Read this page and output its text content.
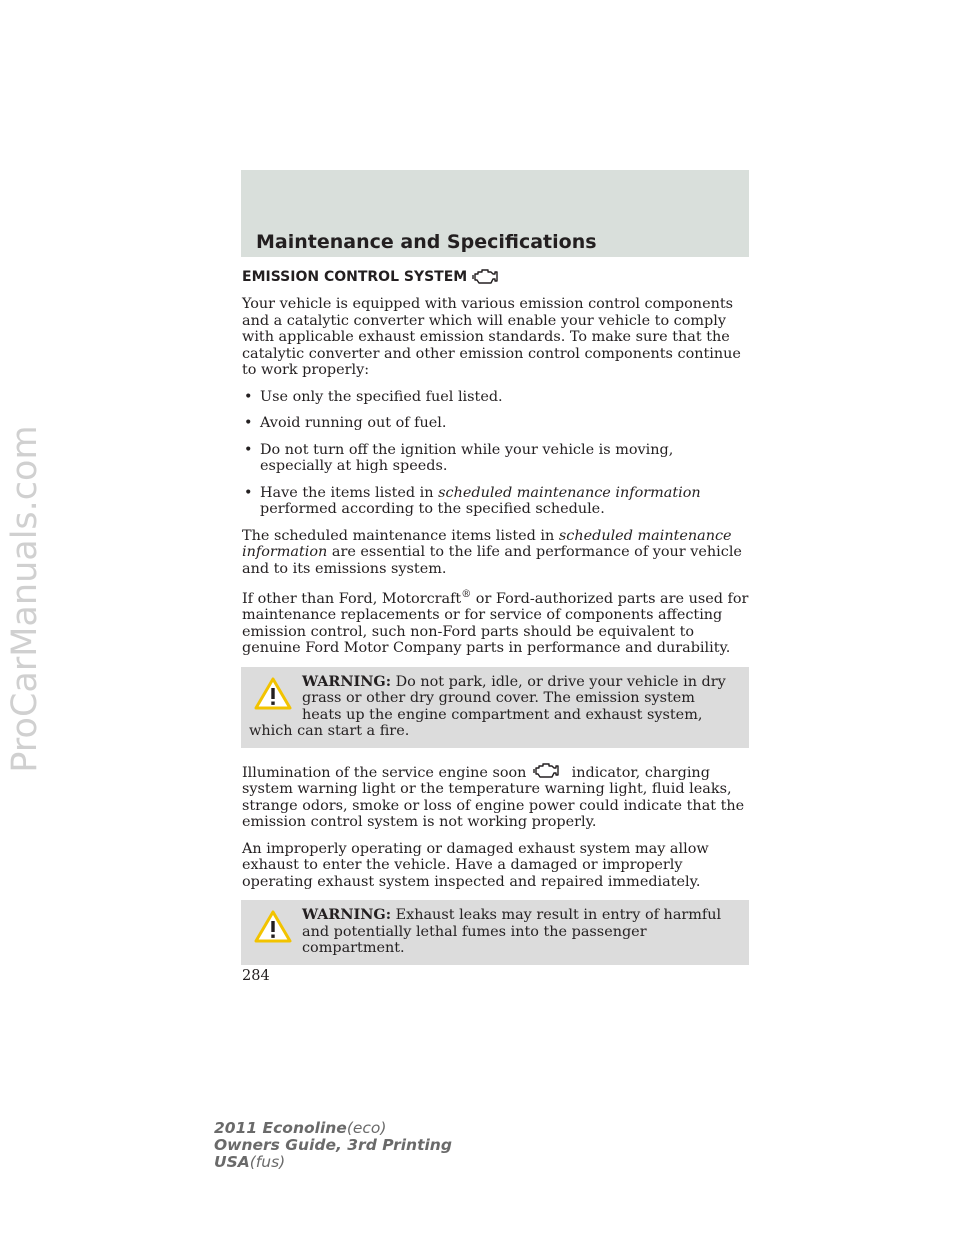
ProCarManuals.com
Maintenance and Specifications
EMISSION CONTROL SYSTEM

Your vehicle is equipped with various emission control components and a catalytic converter which will enable your vehicle to comply with applicable exhaust emission standards. To make sure that the catalytic converter and other emission control components continue to work properly:

• Use only the specified fuel listed.
• Avoid running out of fuel.
• Do not turn off the ignition while your vehicle is moving, especially at high speeds.
• Have the items listed in scheduled maintenance information performed according to the specified schedule.

The scheduled maintenance items listed in scheduled maintenance information are essential to the life and performance of your vehicle and to its emissions system.

If other than Ford, Motorcraft® or Ford-authorized parts are used for maintenance replacements or for service of components affecting emission control, such non-Ford parts should be equivalent to genuine Ford Motor Company parts in performance and durability.

WARNING: Do not park, idle, or drive your vehicle in dry grass or other dry ground cover. The emission system heats up the engine compartment and exhaust system, which can start a fire.

Illumination of the service engine soon	indicator, charging system warning light or the temperature warning light, fluid leaks, strange odors, smoke or loss of engine power could indicate that the emission control system is not working properly.

An improperly operating or damaged exhaust system may allow exhaust to enter the vehicle. Have a damaged or improperly operating exhaust system inspected and repaired immediately.

WARNING: Exhaust leaks may result in entry of harmful and potentially lethal fumes into the passenger compartment.
284
2011 Econoline(eco)
Owners Guide, 3rd Printing
USA(fus)
